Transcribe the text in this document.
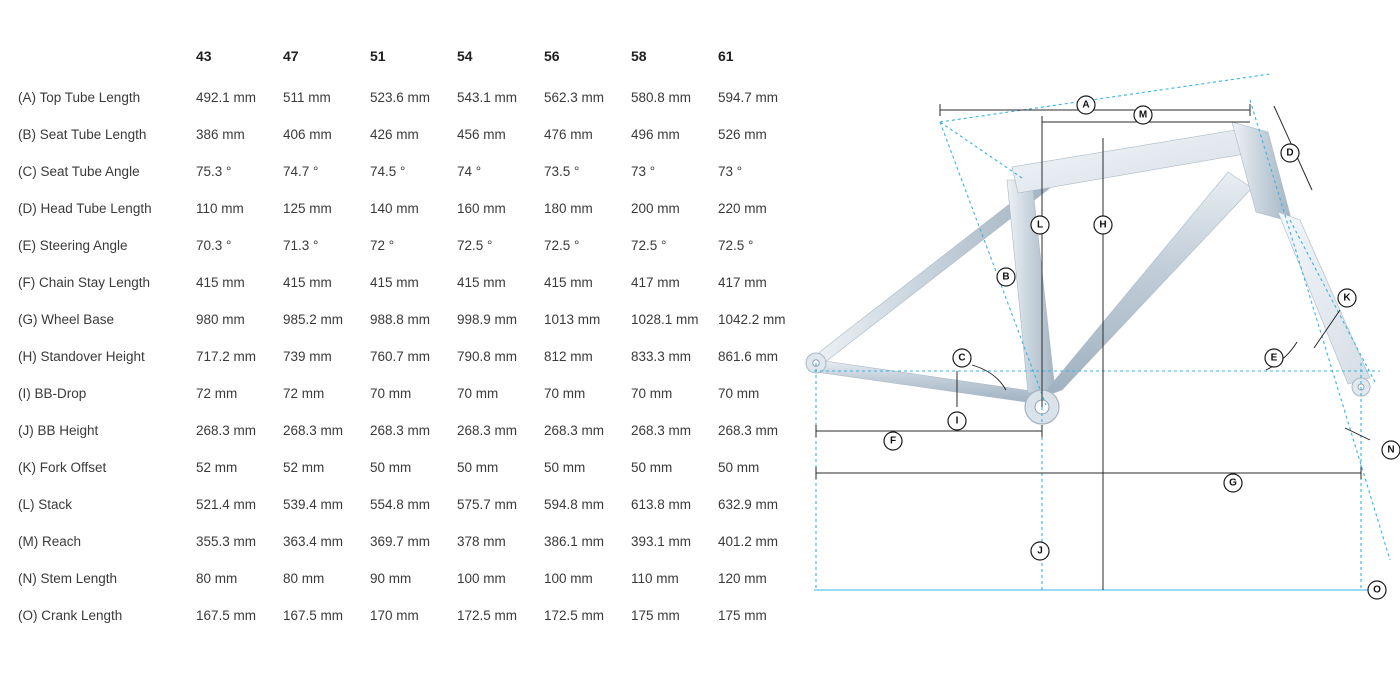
	43	47	51	54	56	58	61
(A) Top Tube Length	492.1 mm	511 mm	523.6 mm	543.1 mm	562.3 mm	580.8 mm	594.7 mm
(B) Seat Tube Length	386 mm	406 mm	426 mm	456 mm	476 mm	496 mm	526 mm
(C) Seat Tube Angle	75.3 °	74.7 °	74.5 °	74 °	73.5 °	73 °	73 °
(D) Head Tube Length	110 mm	125 mm	140 mm	160 mm	180 mm	200 mm	220 mm
(E) Steering Angle	70.3 °	71.3 °	72 °	72.5 °	72.5 °	72.5 °	72.5 °
(F) Chain Stay Length	415 mm	415 mm	415 mm	415 mm	415 mm	417 mm	417 mm
(G) Wheel Base	980 mm	985.2 mm	988.8 mm	998.9 mm	1013 mm	1028.1 mm	1042.2 mm
(H) Standover Height	717.2 mm	739 mm	760.7 mm	790.8 mm	812 mm	833.3 mm	861.6 mm
(I) BB-Drop	72 mm	72 mm	70 mm	70 mm	70 mm	70 mm	70 mm
(J) BB Height	268.3 mm	268.3 mm	268.3 mm	268.3 mm	268.3 mm	268.3 mm	268.3 mm
(K) Fork Offset	52 mm	52 mm	50 mm	50 mm	50 mm	50 mm	50 mm
(L) Stack	521.4 mm	539.4 mm	554.8 mm	575.7 mm	594.8 mm	613.8 mm	632.9 mm
(M) Reach	355.3 mm	363.4 mm	369.7 mm	378 mm	386.1 mm	393.1 mm	401.2 mm
(N) Stem Length	80 mm	80 mm	90 mm	100 mm	100 mm	110 mm	120 mm
(O) Crank Length	167.5 mm	167.5 mm	170 mm	172.5 mm	172.5 mm	175 mm	175 mm
A
M
D
L	H
B
K
E
C
I
F
G
N
J
O
